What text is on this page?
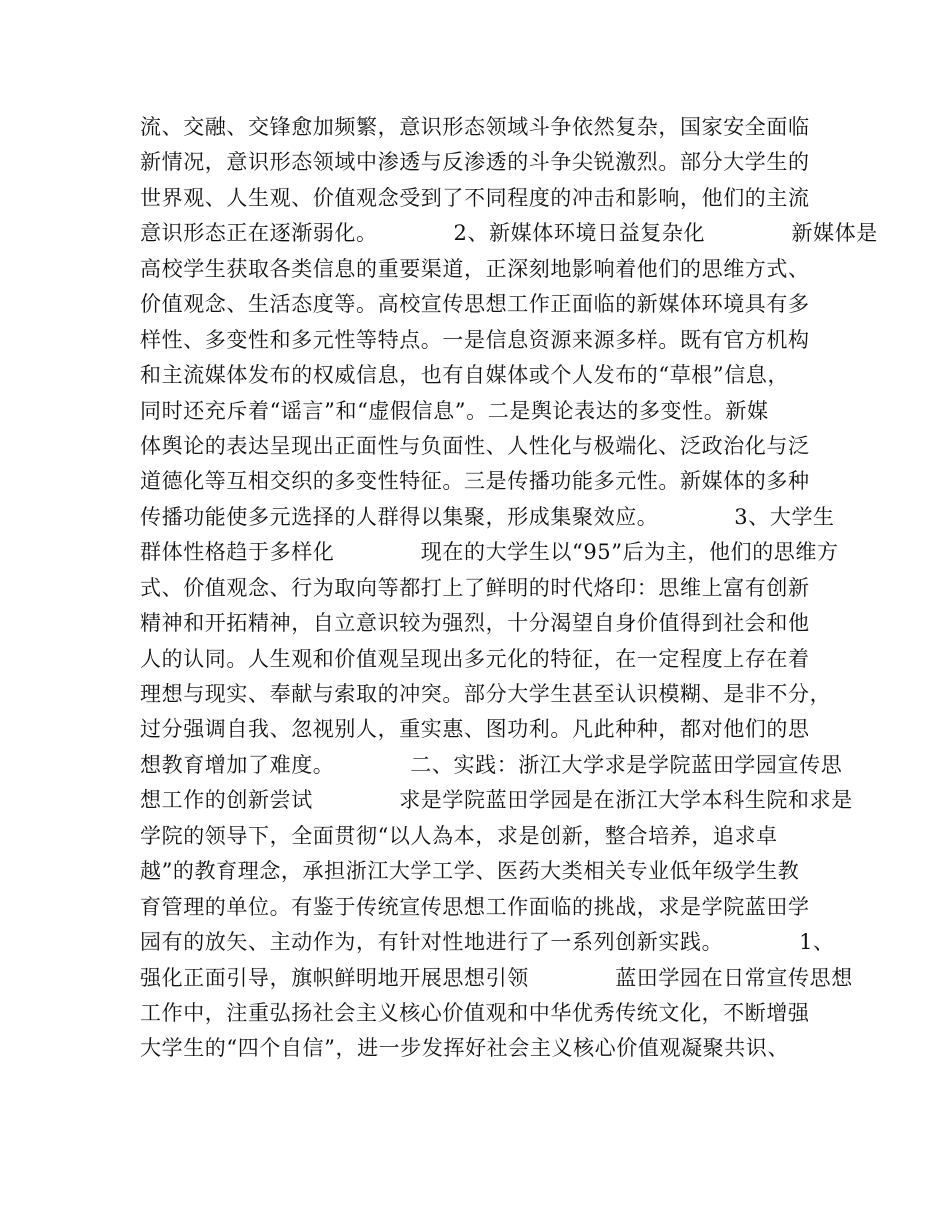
流、交融、交锋愈加频繁，意识形态领域斗争依然复杂，国家安全面临
新情况，意识形态领域中渗透与反渗透的斗争尖锐激烈。部分大学生的
世界观、人生观、价值观念受到了不同程度的冲击和影响，他们的主流
意识形态正在逐渐弱化。　　　　2、新媒体环境日益复杂化　　　　新媒体是
高校学生获取各类信息的重要渠道，正深刻地影响着他们的思维方式、
价值观念、生活态度等。高校宣传思想工作正面临的新媒体环境具有多
样性、多变性和多元性等特点。一是信息资源来源多样。既有官方机构
和主流媒体发布的权威信息，也有自媒体或个人发布的“草根”信息，
同时还充斥着“谣言”和“虚假信息”。二是舆论表达的多变性。新媒
体舆论的表达呈现出正面性与负面性、人性化与极端化、泛政治化与泛
道德化等互相交织的多变性特征。三是传播功能多元性。新媒体的多种
传播功能使多元选择的人群得以集聚，形成集聚效应。　　　　3、大学生
群体性格趋于多样化　　　　现在的大学生以“95”后为主，他们的思维方
式、价值观念、行为取向等都打上了鲜明的时代烙印：思维上富有创新
精神和开拓精神，自立意识较为强烈，十分渴望自身价值得到社会和他
人的认同。人生观和价值观呈现出多元化的特征，在一定程度上存在着
理想与现实、奉献与索取的冲突。部分大学生甚至认识模糊、是非不分，
过分强调自我、忽视别人，重实惠、图功利。凡此种种，都对他们的思
想教育增加了难度。　　　　二、实践：浙江大学求是学院蓝田学园宣传思
想工作的创新尝试　　　　求是学院蓝田学园是在浙江大学本科生院和求是
学院的领导下，全面贯彻“以人為本，求是创新，整合培养，追求卓
越”的教育理念，承担浙江大学工学、医药大类相关专业低年级学生教
育管理的单位。有鉴于传统宣传思想工作面临的挑战，求是学院蓝田学
园有的放矢、主动作为，有针对性地进行了一系列创新实践。　　　　1、
强化正面引导，旗帜鲜明地开展思想引领　　　　蓝田学园在日常宣传思想
工作中，注重弘扬社会主义核心价值观和中华优秀传统文化，不断增强
大学生的“四个自信”，进一步发挥好社会主义核心价值观凝聚共识、
